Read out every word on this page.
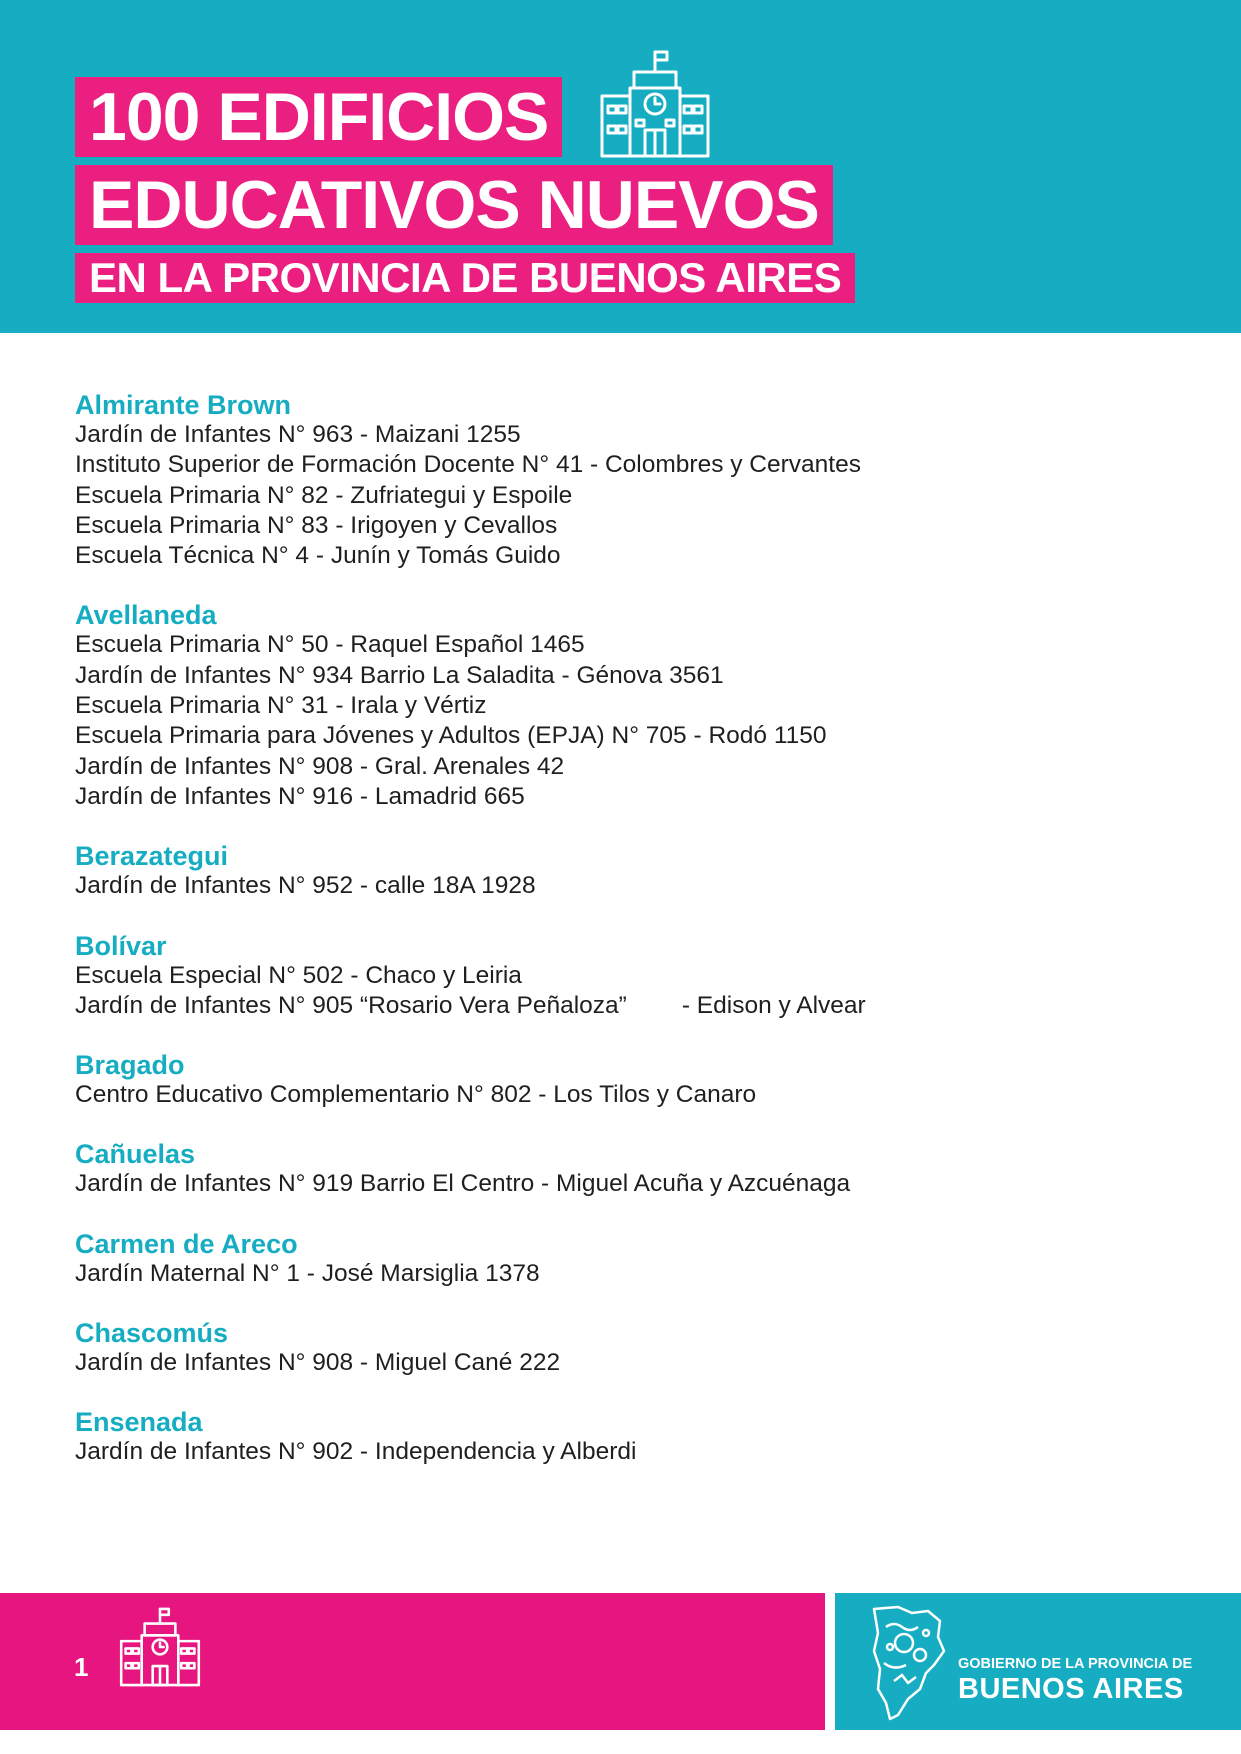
100 EDIFICIOS
EDUCATIVOS NUEVOS
EN LA PROVINCIA DE BUENOS AIRES
Almirante Brown
Jardín de Infantes N° 963 - Maizani 1255
Instituto Superior de Formación Docente N° 41 - Colombres y Cervantes
Escuela Primaria N° 82 - Zufriategui y Espoile
Escuela Primaria N° 83 - Irigoyen y Cevallos
Escuela Técnica N° 4 - Junín y Tomás Guido
Avellaneda
Escuela Primaria N° 50 - Raquel Español 1465
Jardín de Infantes N° 934 Barrio La Saladita - Génova 3561
Escuela Primaria N° 31 - Irala y Vértiz
Escuela Primaria para Jóvenes y Adultos (EPJA) N° 705 - Rodó 1150
Jardín de Infantes N° 908 - Gral. Arenales 42
Jardín de Infantes N° 916 - Lamadrid 665
Berazategui
Jardín de Infantes N° 952 - calle 18A 1928
Bolívar
Escuela Especial N° 502 - Chaco y Leiria
Jardín de Infantes N° 905 “Rosario Vera Peñaloza” - Edison y Alvear
Bragado
Centro Educativo Complementario N° 802 - Los Tilos y Canaro
Cañuelas
Jardín de Infantes N° 919 Barrio El Centro - Miguel Acuña y Azcuénaga
Carmen de Areco
Jardín Maternal N° 1 - José Marsiglia 1378
Chascomús
Jardín de Infantes N° 908 - Miguel Cané 222
Ensenada
Jardín de Infantes N° 902 - Independencia y Alberdi
1	GOBIERNO DE LA PROVINCIA DE
BUENOS AIRES
